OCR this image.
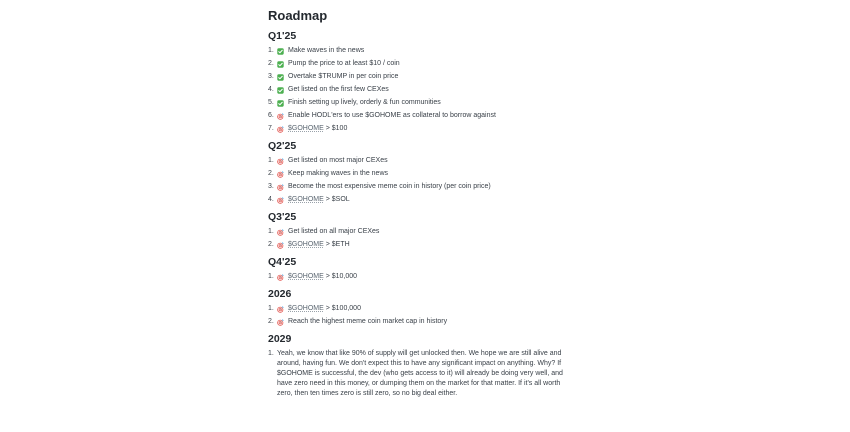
Roadmap
Q1'25
1.	Make waves in the news
2.	Pump the price to at least $10 / coin
3.	Overtake $TRUMP in per coin price
4.	Get listed on the first few CEXes
5.	Finish setting up lively, orderly & fun communities
6.	Enable HODL'ers to use $GOHOME as collateral to borrow against
7.	$GOHOME > $100
Q2'25
1.	Get listed on most major CEXes
2.	Keep making waves in the news
3.	Become the most expensive meme coin in history (per coin price)
4.	$GOHOME > $SOL
Q3'25
1.	Get listed on all major CEXes
2.	$GOHOME > $ETH
Q4'25
1.	$GOHOME > $10,000
2026
1.	$GOHOME > $100,000
2.	Reach the highest meme coin market cap in history
2029
1. Yeah, we know that like 90% of supply will get unlocked then. We hope we are still alive and around, having fun. We don't expect this to have any significant impact on anything. Why? If $GOHOME is successful, the dev (who gets access to it) will already be doing very well, and have zero need in this money, or dumping them on the market for that matter. If it's all worth zero, then ten times zero is still zero, so no big deal either.
